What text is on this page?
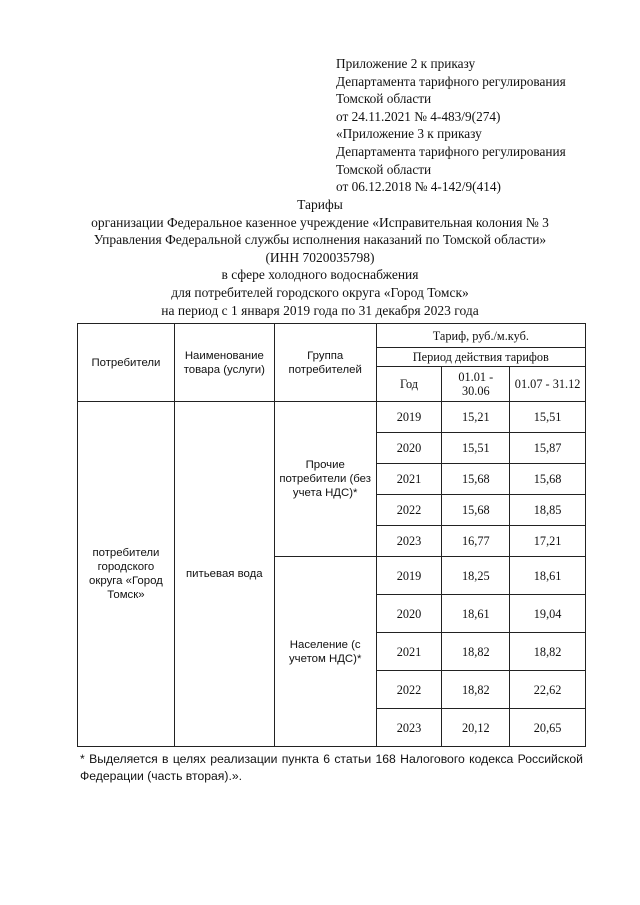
Приложение 2 к приказу
Департамента тарифного регулирования
Томской области
от 24.11.2021 № 4-483/9(274)
«Приложение 3 к приказу
Департамента тарифного регулирования
Томской области
от 06.12.2018 № 4-142/9(414)
Тарифы
организации Федеральное казенное учреждение «Исправительная колония № 3
Управления Федеральной службы исполнения наказаний по Томской области»
(ИНН 7020035798)
в сфере холодного водоснабжения
для потребителей городского округа «Город Томск»
на период с 1 января 2019 года по 31 декабря 2023 года
Потребители	Наименование товара (услуги)	Группа потребителей	Тариф, руб./м.куб.		
			Период действия тарифов		
			Год	01.01 - 30.06	01.07 - 31.12
потребители городского округа «Город Томск»	питьевая вода	Прочие потребители (без учета НДС)*	2019	15,21	15,51
			2020	15,51	15,87
			2021	15,68	15,68
			2022	15,68	18,85
			2023	16,77	17,21
		Население (с учетом НДС)*	2019	18,25	18,61
			2020	18,61	19,04
			2021	18,82	18,82
			2022	18,82	22,62
			2023	20,12	20,65
* Выделяется в целях реализации пункта 6 статьи 168 Налогового кодекса Российской Федерации (часть вторая).».
